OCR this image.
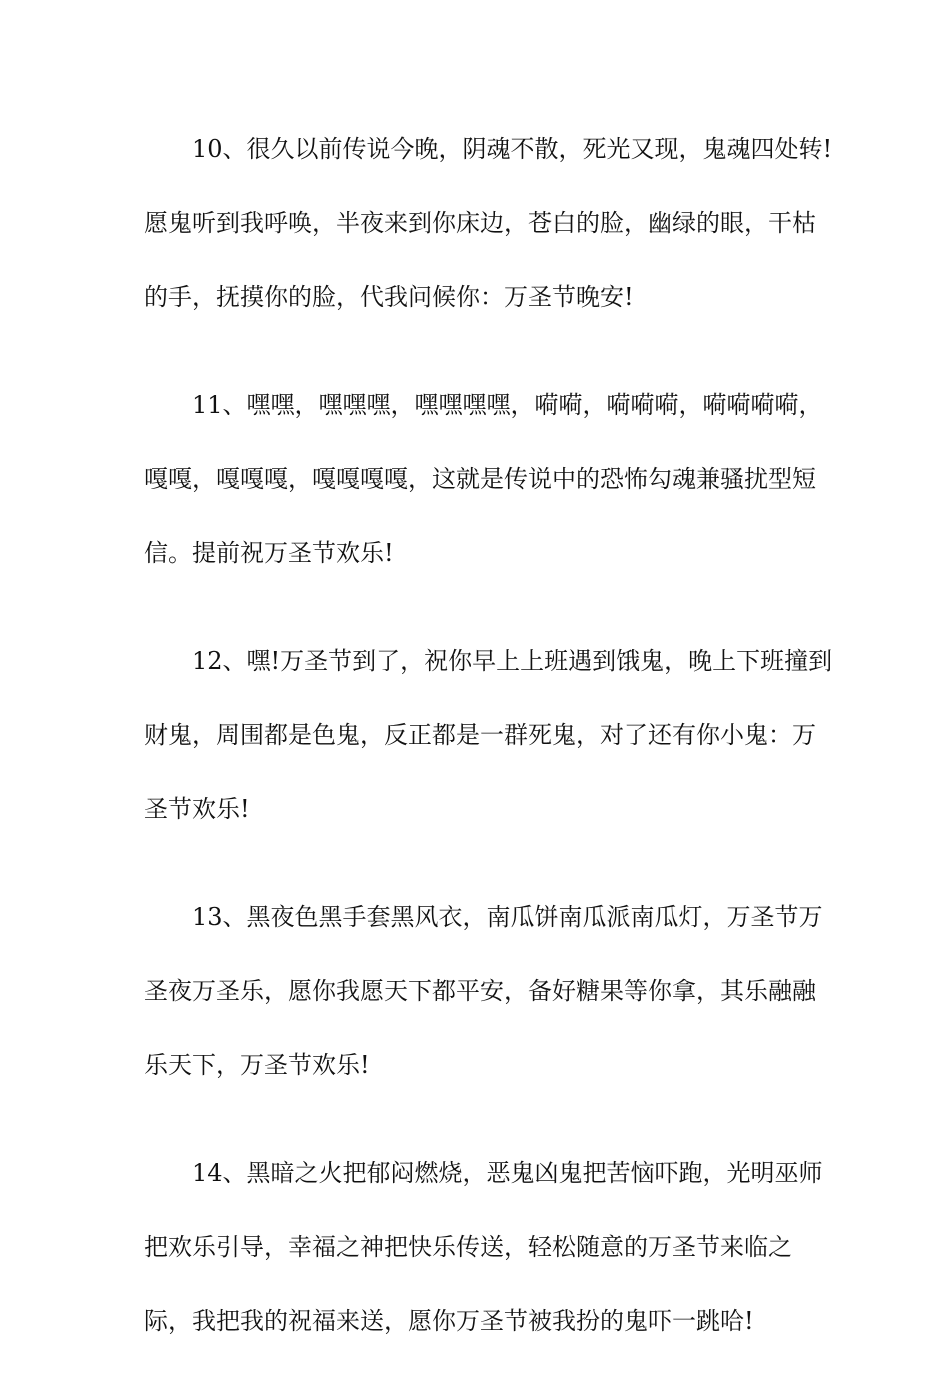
10、很久以前传说今晚，阴魂不散，死光又现，鬼魂四处转!愿鬼听到我呼唤，半夜来到你床边，苍白的脸，幽绿的眼，干枯的手，抚摸你的脸，代我问候你：万圣节晚安!

11、嘿嘿，嘿嘿嘿，嘿嘿嘿嘿，嗬嗬，嗬嗬嗬，嗬嗬嗬嗬，嘎嘎，嘎嘎嘎，嘎嘎嘎嘎，这就是传说中的恐怖勾魂兼骚扰型短信。提前祝万圣节欢乐!

12、嘿!万圣节到了，祝你早上上班遇到饿鬼，晚上下班撞到财鬼，周围都是色鬼，反正都是一群死鬼，对了还有你小鬼：万圣节欢乐!

13、黑夜色黑手套黑风衣，南瓜饼南瓜派南瓜灯，万圣节万圣夜万圣乐，愿你我愿天下都平安，备好糖果等你拿，其乐融融乐天下，万圣节欢乐!

14、黑暗之火把郁闷燃烧，恶鬼凶鬼把苦恼吓跑，光明巫师把欢乐引导，幸福之神把快乐传送，轻松随意的万圣节来临之际，我把我的祝福来送，愿你万圣节被我扮的鬼吓一跳哈!
